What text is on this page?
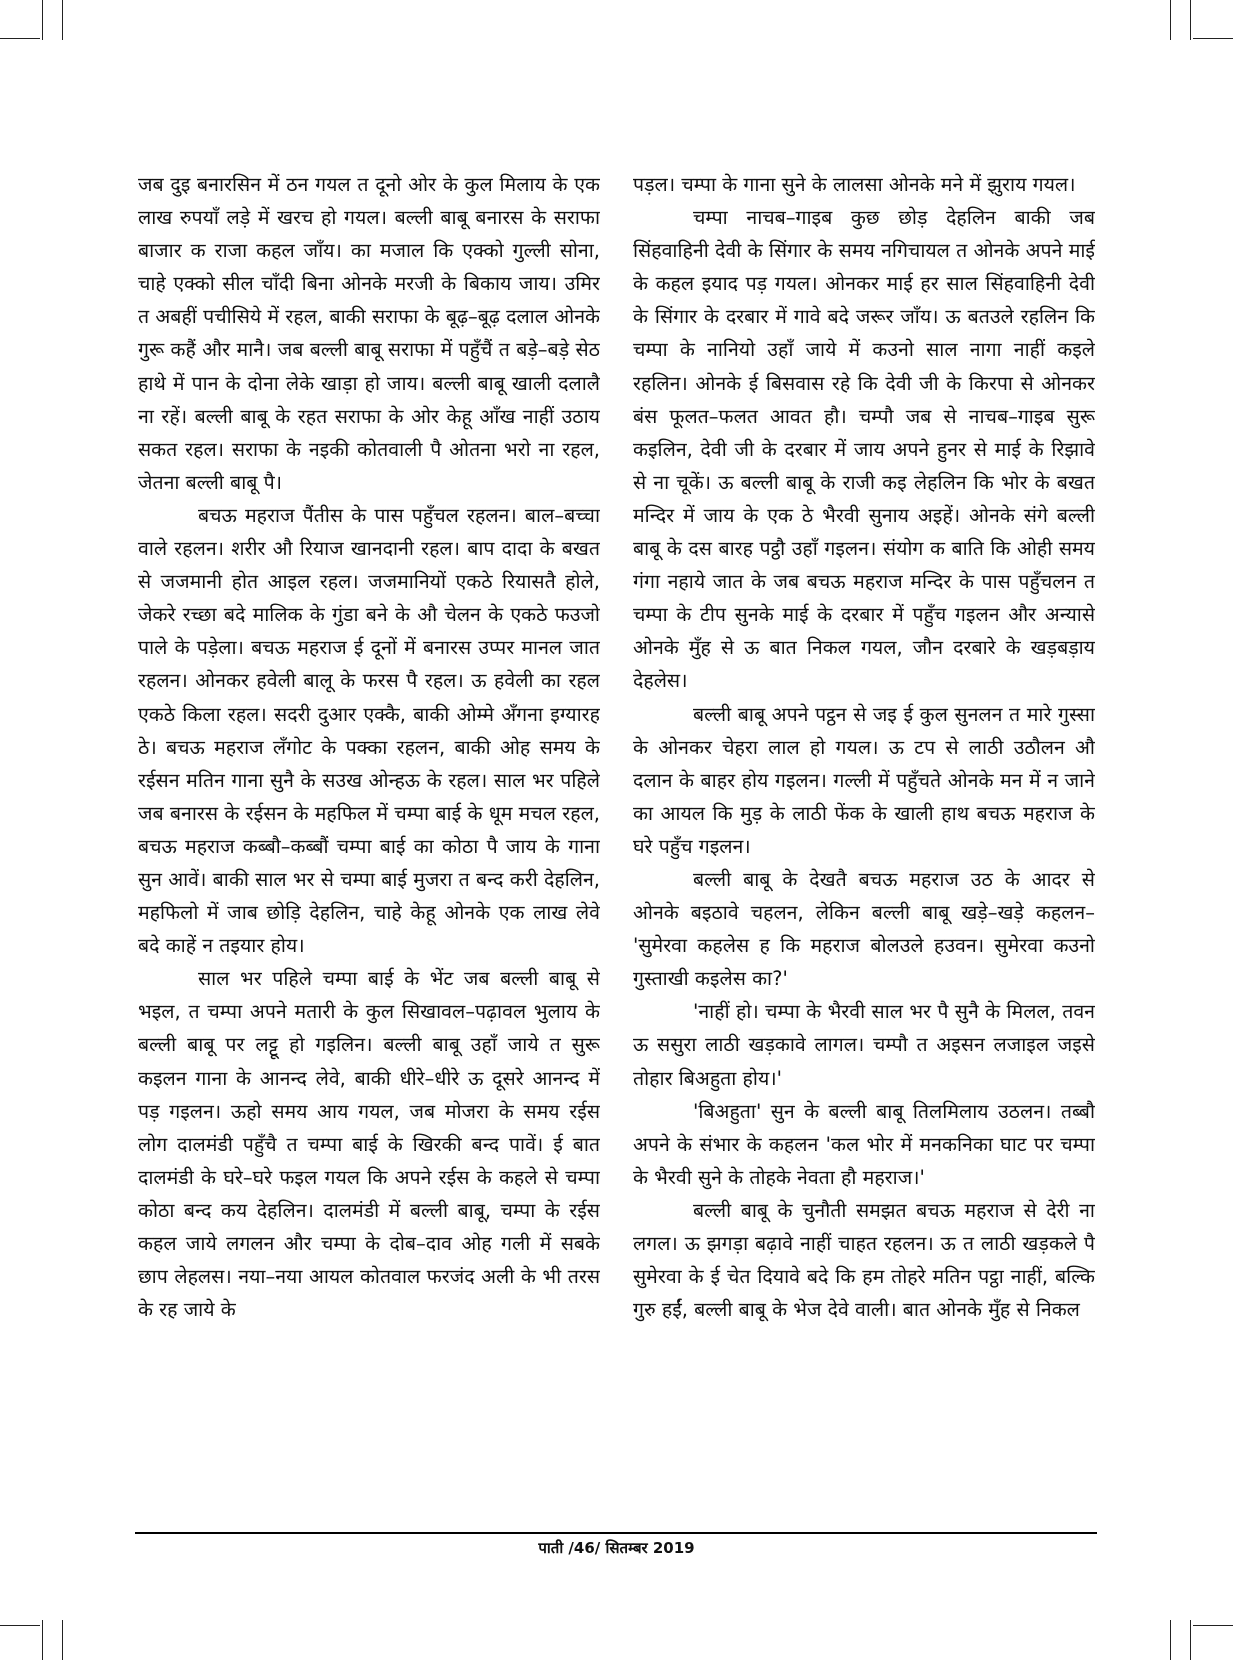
जब दुइ बनारसिन में ठन गयल त दूनो ओर के कुल मिलाय के एक लाख रुपयाँ लड़े में खरच हो गयल। बल्ली बाबू बनारस के सराफा बाजार क राजा कहल जाँय। का मजाल कि एक्को गुल्ली सोना, चाहे एक्को सील चाँदी बिना ओनके मरजी के बिकाय जाय। उमिर त अबहीं पचीसिये में रहल, बाकी सराफा के बूढ़–बूढ़ दलाल ओनके गुरू कहैं और मानै। जब बल्ली बाबू सराफा में पहुँचैं त बड़े–बड़े सेठ हाथे में पान के दोना लेके खाड़ा हो जाय। बल्ली बाबू खाली दलालै ना रहें। बल्ली बाबू के रहत सराफा के ओर केहू आँख नाहीं उठाय सकत रहल। सराफा के नइकी कोतवाली पै ओतना भरो ना रहल, जेतना बल्ली बाबू पै।

बचऊ महराज पैंतीस के पास पहुँचल रहलन। बाल–बच्चा वाले रहलन। शरीर औ रियाज खानदानी रहल। बाप दादा के बखत से जजमानी होत आइल रहल। जजमानियों एकठे रियासतै होले, जेकरे रच्छा बदे मालिक के गुंडा बने के औ चेलन के एकठे फउजो पाले के पड़ेला। बचऊ महराज ई दूनों में बनारस उप्पर मानल जात रहलन। ओनकर हवेली बालू के फरस पै रहल। ऊ हवेली का रहल एकठे किला रहल। सदरी दुआर एक्कै, बाकी ओम्मे अँगना इग्यारह ठे। बचऊ महराज लँगोट के पक्का रहलन, बाकी ओह समय के रईसन मतिन गाना सुनै के सउख ओन्हऊ के रहल। साल भर पहिले जब बनारस के रईसन के महफिल में चम्पा बाई के धूम मचल रहल, बचऊ महराज कब्बौ–कब्बौं चम्पा बाई का कोठा पै जाय के गाना सुन आवें। बाकी साल भर से चम्पा बाई मुजरा त बन्द करी देहलिन, महफिलो में जाब छोड़ि देहलिन, चाहे केहू ओनके एक लाख लेवे बदे काहें न तइयार होय।

साल भर पहिले चम्पा बाई के भेंट जब बल्ली बाबू से भइल, त चम्पा अपने मतारी के कुल सिखावल–पढ़ावल भुलाय के बल्ली बाबू पर लट्टू हो गइलिन। बल्ली बाबू उहाँ जाये त सुरू कइलन गाना के आनन्द लेवे, बाकी धीरे–धीरे ऊ दूसरे आनन्द में पड़ गइलन। ऊहो समय आय गयल, जब मोजरा के समय रईस लोग दालमंडी पहुँचै त चम्पा बाई के खिरकी बन्द पावें। ई बात दालमंडी के घरे–घरे फइल गयल कि अपने रईस के कहले से चम्पा कोठा बन्द कय देहलिन। दालमंडी में बल्ली बाबू, चम्पा के रईस कहल जाये लगलन और चम्पा के दोब–दाव ओह गली में सबके छाप लेहलस। नया–नया आयल कोतवाल फरजंद अली के भी तरस के रह जाये के

पड़ल। चम्पा के गाना सुने के लालसा ओनके मने में झुराय गयल।

चम्पा नाचब–गाइब कुछ छोड़ देहलिन बाकी जब सिंहवाहिनी देवी के सिंगार के समय नगिचायल त ओनके अपने माई के कहल इयाद पड़ गयल। ओनकर माई हर साल सिंहवाहिनी देवी के सिंगार के दरबार में गावे बदे जरूर जाँय। ऊ बतउले रहलिन कि चम्पा के नानियो उहाँ जाये में कउनो साल नागा नाहीं कइले रहलिन। ओनके ई बिसवास रहे कि देवी जी के किरपा से ओनकर बंस फूलत–फलत आवत हौ। चम्पौ जब से नाचब–गाइब सुरू कइलिन, देवी जी के दरबार में जाय अपने हुनर से माई के रिझावे से ना चूकें। ऊ बल्ली बाबू के राजी कइ लेहलिन कि भोर के बखत मन्दिर में जाय के एक ठे भैरवी सुनाय अइहें। ओनके संगे बल्ली बाबू के दस बारह पट्ठौ उहाँ गइलन। संयोग क बाति कि ओही समय गंगा नहाये जात के जब बचऊ महराज मन्दिर के पास पहुँचलन त चम्पा के टीप सुनके माई के दरबार में पहुँच गइलन और अन्यासे ओनके मुँह से ऊ बात निकल गयल, जौन दरबारे के खड़बड़ाय देहलेस।

बल्ली बाबू अपने पट्ठन से जइ ई कुल सुनलन त मारे गुस्सा के ओनकर चेहरा लाल हो गयल। ऊ टप से लाठी उठौलन औ दलान के बाहर होय गइलन। गल्ली में पहुँचते ओनके मन में न जाने का आयल कि मुड़ के लाठी फेंक के खाली हाथ बचऊ महराज के घरे पहुँच गइलन।

बल्ली बाबू के देखतै बचऊ महराज उठ के आदर से ओनके बइठावे चहलन, लेकिन बल्ली बाबू खड़े–खड़े कहलन– 'सुमेरवा कहलेस ह कि महराज बोलउले हउवन। सुमेरवा कउनो गुस्ताखी कइलेस का?'

'नाहीं हो। चम्पा के भैरवी साल भर पै सुनै के मिलल, तवन ऊ ससुरा लाठी खड़कावे लागल। चम्पौ त अइसन लजाइल जइसे तोहार बिअहुता होय।'

'बिअहुता' सुन के बल्ली बाबू तिलमिलाय उठलन। तब्बौ अपने के संभार के कहलन 'कल भोर में मनकनिका घाट पर चम्पा के भैरवी सुने के तोहके नेवता हौ महराज।'

बल्ली बाबू के चुनौती समझत बचऊ महराज से देरी ना लगल। ऊ झगड़ा बढ़ावे नाहीं चाहत रहलन। ऊ त लाठी खड़कले पै सुमेरवा के ई चेत दियावे बदे कि हम तोहरे मतिन पट्ठा नाहीं, बल्कि गुरु हईं, बल्ली बाबू के भेज देवे वाली। बात ओनके मुँह से निकल

पाती /46/ सितम्बर 2019
